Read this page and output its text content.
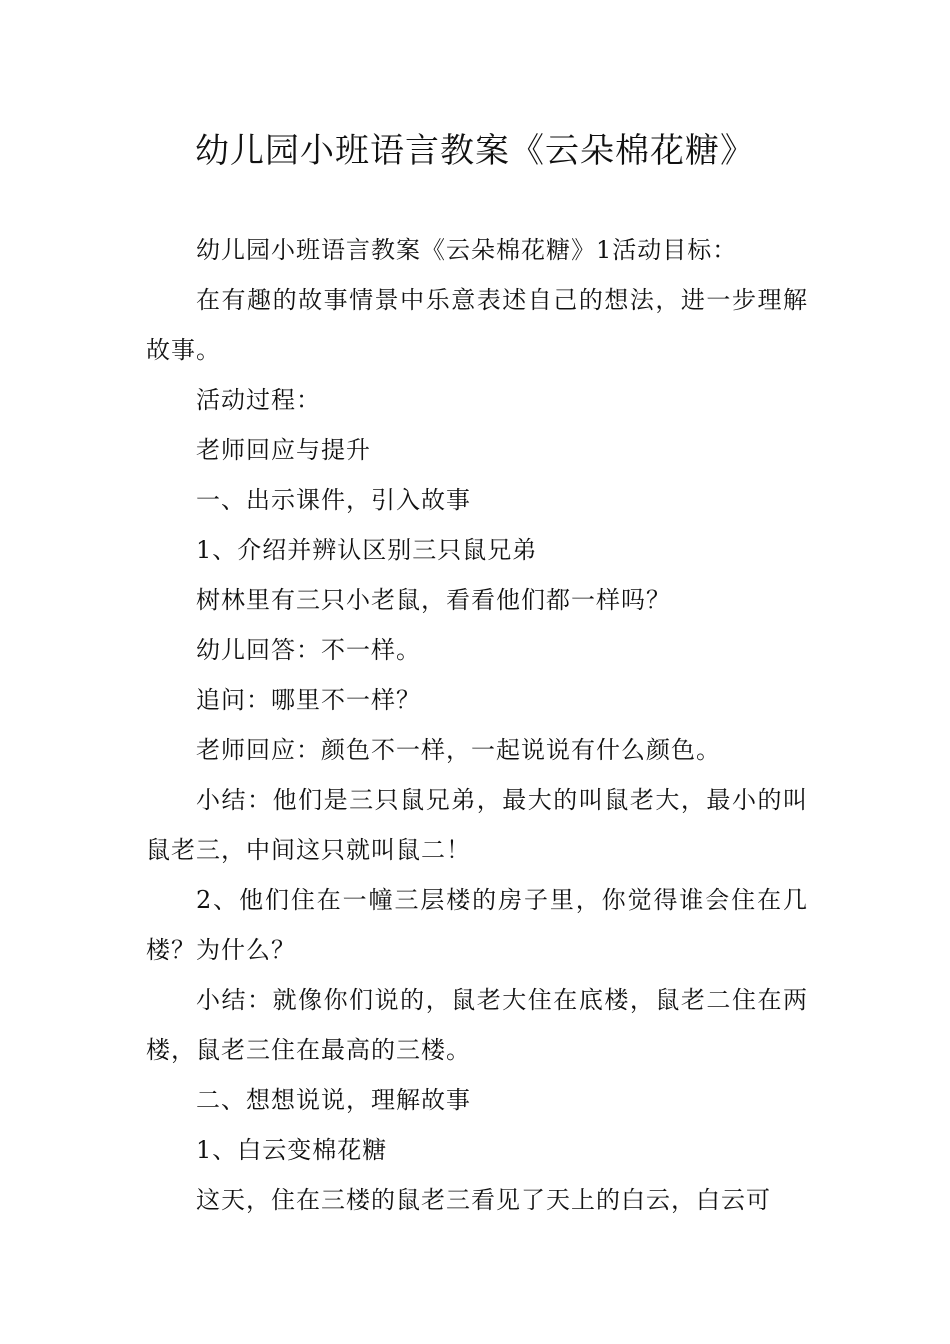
幼儿园小班语言教案《云朵棉花糖》

幼儿园小班语言教案《云朵棉花糖》1活动目标：

在有趣的故事情景中乐意表述自己的想法，进一步理解故事。

活动过程：

老师回应与提升

一、出示课件，引入故事

1、介绍并辨认区别三只鼠兄弟

树林里有三只小老鼠，看看他们都一样吗？

幼儿回答：不一样。

追问：哪里不一样？

老师回应：颜色不一样，一起说说有什么颜色。

小结：他们是三只鼠兄弟，最大的叫鼠老大，最小的叫鼠老三，中间这只就叫鼠二！

2、他们住在一幢三层楼的房子里，你觉得谁会住在几楼？为什么？

小结：就像你们说的，鼠老大住在底楼，鼠老二住在两楼，鼠老三住在最高的三楼。

二、想想说说，理解故事

1、白云变棉花糖

这天，住在三楼的鼠老三看见了天上的白云，白云可
